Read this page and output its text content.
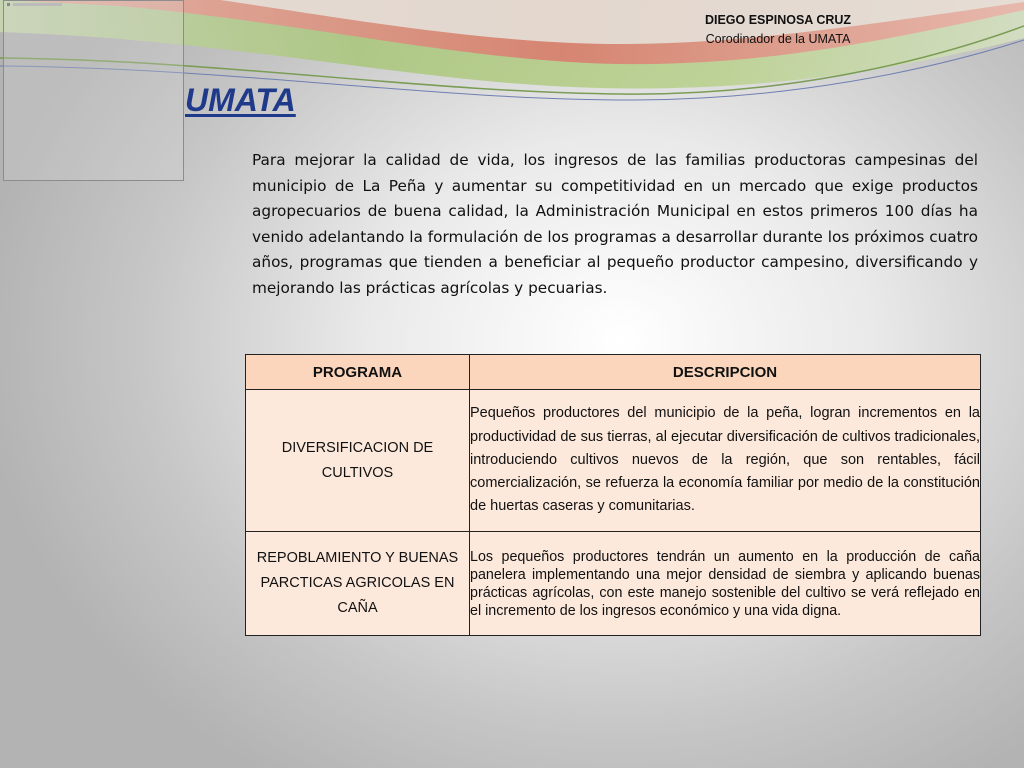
DIEGO ESPINOSA CRUZ
Corodinador de la UMATA
UMATA

Para mejorar la calidad de vida, los ingresos de las familias productoras campesinas del municipio de La Peña y aumentar su competitividad en un mercado que exige productos agropecuarios de buena calidad, la Administración Municipal en estos primeros 100 días ha venido adelantando la formulación de los programas a desarrollar durante los próximos cuatro años, programas que tienden a beneficiar al pequeño productor campesino, diversificando y mejorando las prácticas agrícolas y pecuarias.

PROGRAMA	DESCRIPCION
DIVERSIFICACION DE CULTIVOS	Pequeños productores del municipio de la peña, logran incrementos en la productividad de sus tierras, al ejecutar diversificación de cultivos tradicionales, introduciendo cultivos nuevos de la región, que son rentables, fácil comercialización, se refuerza la economía familiar por medio de la constitución de huertas caseras y comunitarias.
REPOBLAMIENTO Y BUENAS PARCTICAS AGRICOLAS EN CAÑA	Los pequeños productores tendrán un aumento en la producción de caña panelera implementando una mejor densidad de siembra y aplicando buenas prácticas agrícolas, con este manejo sostenible del cultivo se verá reflejado en el incremento de los ingresos económico y una vida digna.
